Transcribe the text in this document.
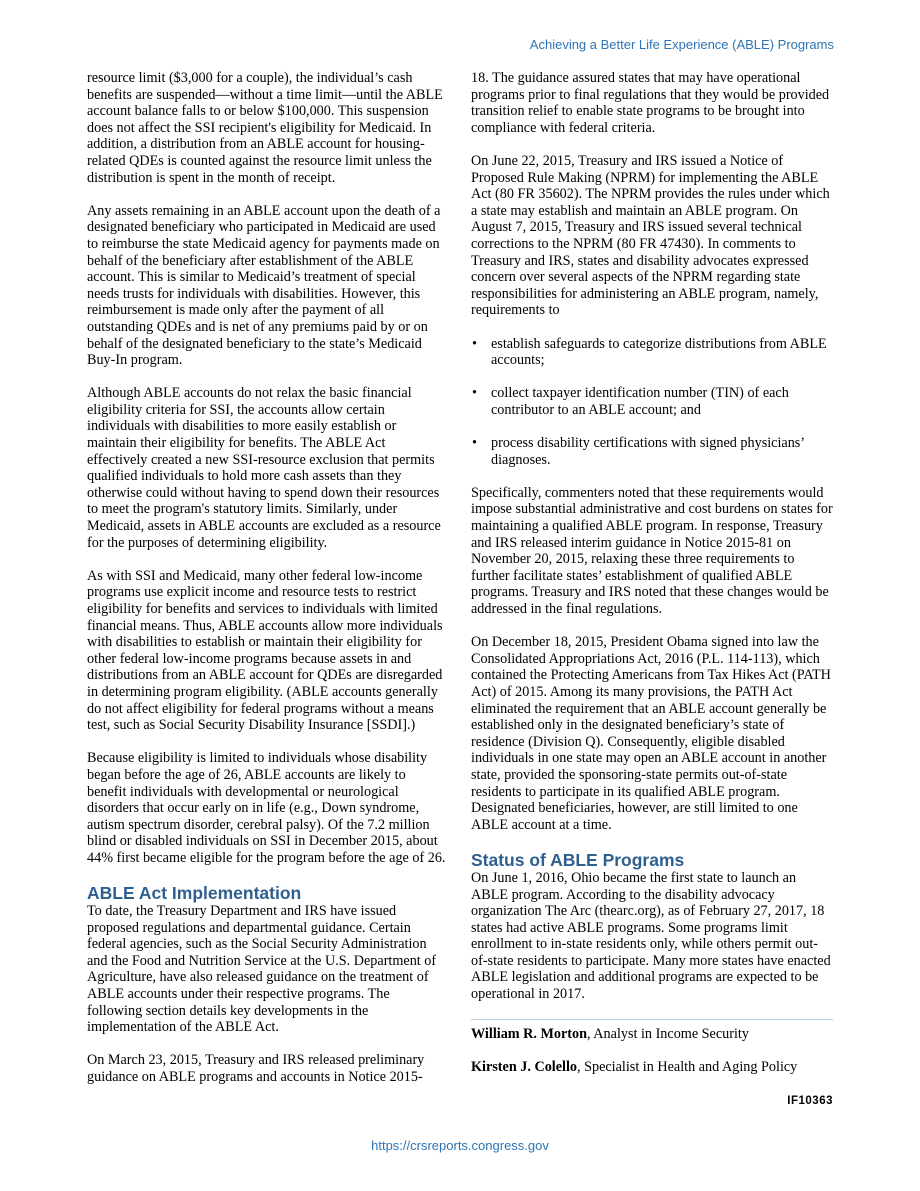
Achieving a Better Life Experience (ABLE) Programs

resource limit ($3,000 for a couple), the individual’s cash benefits are suspended—without a time limit—until the ABLE account balance falls to or below $100,000. This suspension does not affect the SSI recipient's eligibility for Medicaid. In addition, a distribution from an ABLE account for housing-related QDEs is counted against the resource limit unless the distribution is spent in the month of receipt.

Any assets remaining in an ABLE account upon the death of a designated beneficiary who participated in Medicaid are used to reimburse the state Medicaid agency for payments made on behalf of the beneficiary after establishment of the ABLE account. This is similar to Medicaid’s treatment of special needs trusts for individuals with disabilities. However, this reimbursement is made only after the payment of all outstanding QDEs and is net of any premiums paid by or on behalf of the designated beneficiary to the state’s Medicaid Buy-In program.

Although ABLE accounts do not relax the basic financial eligibility criteria for SSI, the accounts allow certain individuals with disabilities to more easily establish or maintain their eligibility for benefits. The ABLE Act effectively created a new SSI-resource exclusion that permits qualified individuals to hold more cash assets than they otherwise could without having to spend down their resources to meet the program's statutory limits. Similarly, under Medicaid, assets in ABLE accounts are excluded as a resource for the purposes of determining eligibility.

As with SSI and Medicaid, many other federal low-income programs use explicit income and resource tests to restrict eligibility for benefits and services to individuals with limited financial means. Thus, ABLE accounts allow more individuals with disabilities to establish or maintain their eligibility for other federal low-income programs because assets in and distributions from an ABLE account for QDEs are disregarded in determining program eligibility. (ABLE accounts generally do not affect eligibility for federal programs without a means test, such as Social Security Disability Insurance [SSDI].)

Because eligibility is limited to individuals whose disability began before the age of 26, ABLE accounts are likely to benefit individuals with developmental or neurological disorders that occur early on in life (e.g., Down syndrome, autism spectrum disorder, cerebral palsy). Of the 7.2 million blind or disabled individuals on SSI in December 2015, about 44% first became eligible for the program before the age of 26.

ABLE Act Implementation

To date, the Treasury Department and IRS have issued proposed regulations and departmental guidance. Certain federal agencies, such as the Social Security Administration and the Food and Nutrition Service at the U.S. Department of Agriculture, have also released guidance on the treatment of ABLE accounts under their respective programs. The following section details key developments in the implementation of the ABLE Act.

On March 23, 2015, Treasury and IRS released preliminary guidance on ABLE programs and accounts in Notice 2015-

18. The guidance assured states that may have operational programs prior to final regulations that they would be provided transition relief to enable state programs to be brought into compliance with federal criteria.

On June 22, 2015, Treasury and IRS issued a Notice of Proposed Rule Making (NPRM) for implementing the ABLE Act (80 FR 35602). The NPRM provides the rules under which a state may establish and maintain an ABLE program. On August 7, 2015, Treasury and IRS issued several technical corrections to the NPRM (80 FR 47430). In comments to Treasury and IRS, states and disability advocates expressed concern over several aspects of the NPRM regarding state responsibilities for administering an ABLE program, namely, requirements to

• establish safeguards to categorize distributions from ABLE accounts;
• collect taxpayer identification number (TIN) of each contributor to an ABLE account; and
• process disability certifications with signed physicians’ diagnoses.

Specifically, commenters noted that these requirements would impose substantial administrative and cost burdens on states for maintaining a qualified ABLE program. In response, Treasury and IRS released interim guidance in Notice 2015-81 on November 20, 2015, relaxing these three requirements to further facilitate states’ establishment of qualified ABLE programs. Treasury and IRS noted that these changes would be addressed in the final regulations.

On December 18, 2015, President Obama signed into law the Consolidated Appropriations Act, 2016 (P.L. 114-113), which contained the Protecting Americans from Tax Hikes Act (PATH Act) of 2015. Among its many provisions, the PATH Act eliminated the requirement that an ABLE account generally be established only in the designated beneficiary’s state of residence (Division Q). Consequently, eligible disabled individuals in one state may open an ABLE account in another state, provided the sponsoring-state permits out-of-state residents to participate in its qualified ABLE program. Designated beneficiaries, however, are still limited to one ABLE account at a time.

Status of ABLE Programs

On June 1, 2016, Ohio became the first state to launch an ABLE program. According to the disability advocacy organization The Arc (thearc.org), as of February 27, 2017, 18 states had active ABLE programs. Some programs limit enrollment to in-state residents only, while others permit out-of-state residents to participate. Many more states have enacted ABLE legislation and additional programs are expected to be operational in 2017.

William R. Morton, Analyst in Income Security

Kirsten J. Colello, Specialist in Health and Aging Policy

IF10363
https://crsreports.congress.gov
